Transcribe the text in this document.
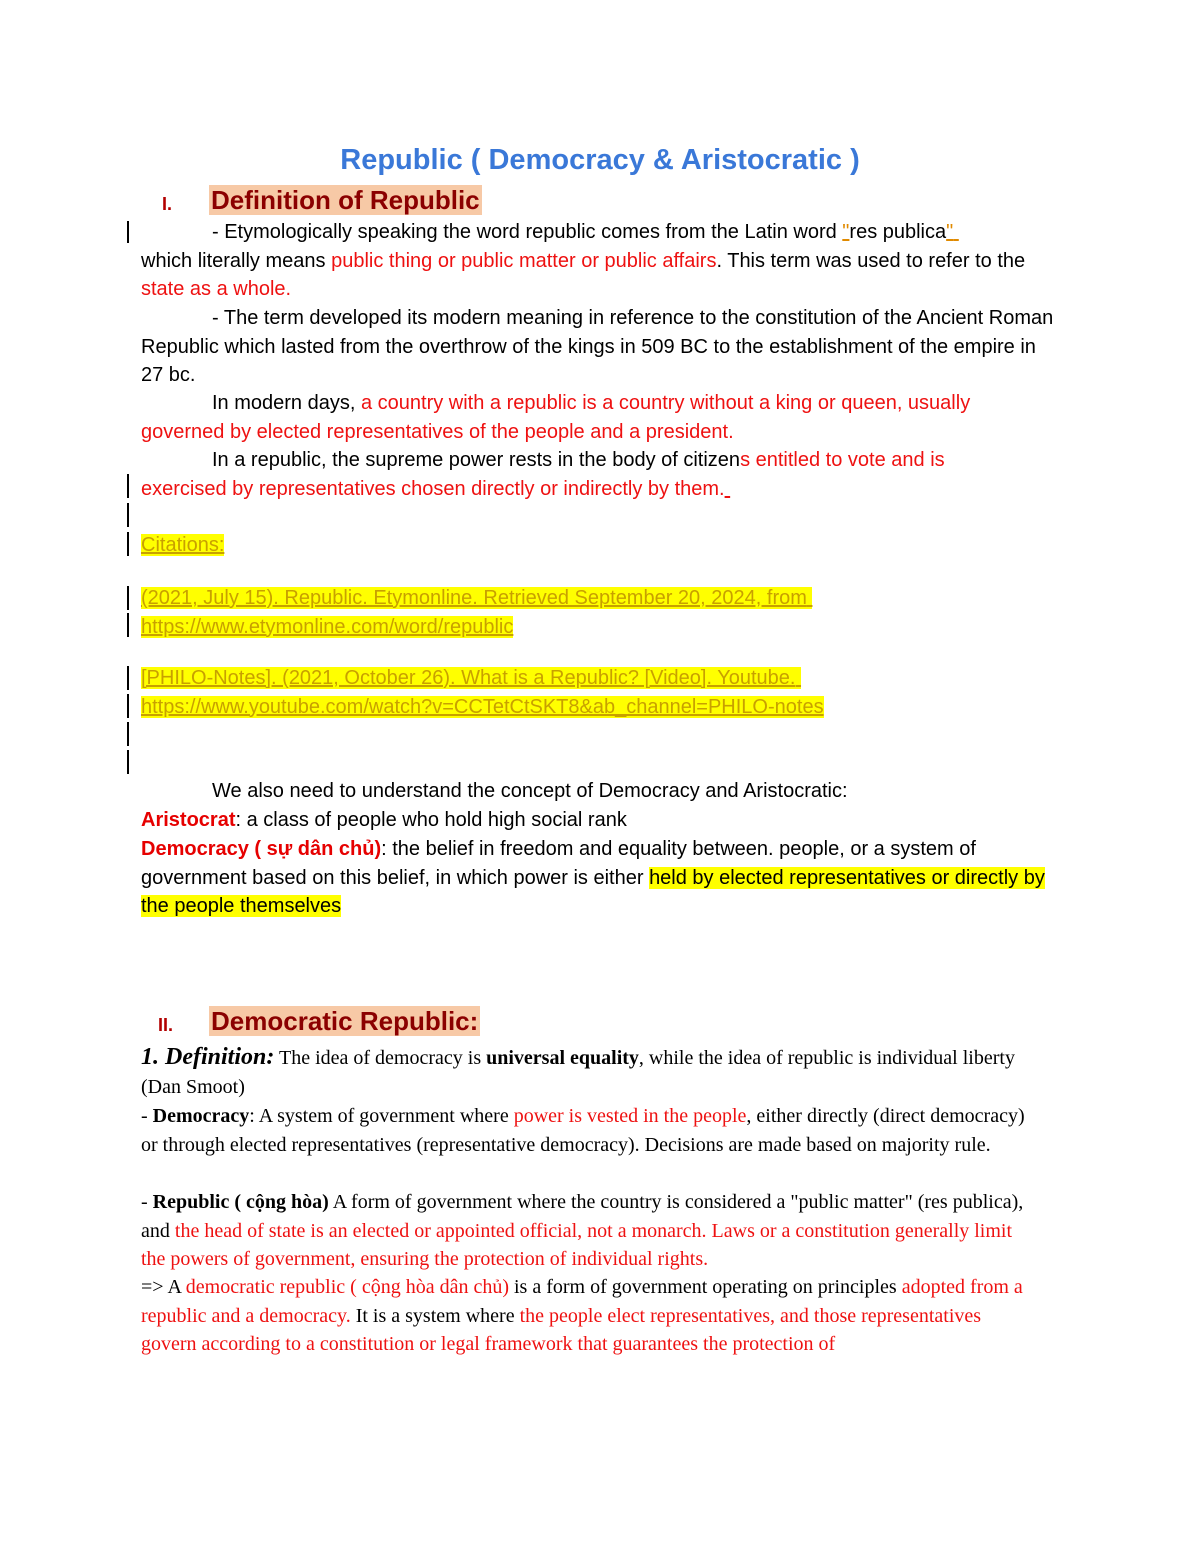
Republic ( Democracy & Aristocratic )
I. Definition of Republic
- Etymologically speaking the word republic comes from the Latin word "res publica"
which literally means public thing or public matter or public affairs. This term was used to refer to the state as a whole.
- The term developed its modern meaning in reference to the constitution of the Ancient Roman Republic which lasted from the overthrow of the kings in 509 BC to the establishment of the empire in 27 bc.
In modern days, a country with a republic is a country without a king or queen, usually governed by elected representatives of the people and a president.
In a republic, the supreme power rests in the body of citizens entitled to vote and is exercised by representatives chosen directly or indirectly by them.
Citations:
(2021, July 15). Republic. Etymonline. Retrieved September 20, 2024, from
https://www.etymonline.com/word/republic
[PHILO-Notes]. (2021, October 26). What is a Republic? [Video]. Youtube.
https://www.youtube.com/watch?v=CCTetCtSKT8&ab_channel=PHILO-notes
We also need to understand the concept of Democracy and Aristocratic:
Aristocrat: a class of people who hold high social rank
Democracy ( sự dân chủ): the belief in freedom and equality between. people, or a system of government based on this belief, in which power is either held by elected representatives or directly by the people themselves
II. Democratic Republic:
1. Definition: The idea of democracy is universal equality, while the idea of republic is individual liberty (Dan Smoot)
- Democracy: A system of government where power is vested in the people, either directly (direct democracy) or through elected representatives (representative democracy). Decisions are made based on majority rule.
- Republic ( cộng hòa) A form of government where the country is considered a "public matter" (res publica), and the head of state is an elected or appointed official, not a monarch. Laws or a constitution generally limit the powers of government, ensuring the protection of individual rights.
=> A democratic republic ( cộng hòa dân chủ) is a form of government operating on principles adopted from a republic and a democracy. It is a system where the people elect representatives, and those representatives govern according to a constitution or legal framework that guarantees the protection of
